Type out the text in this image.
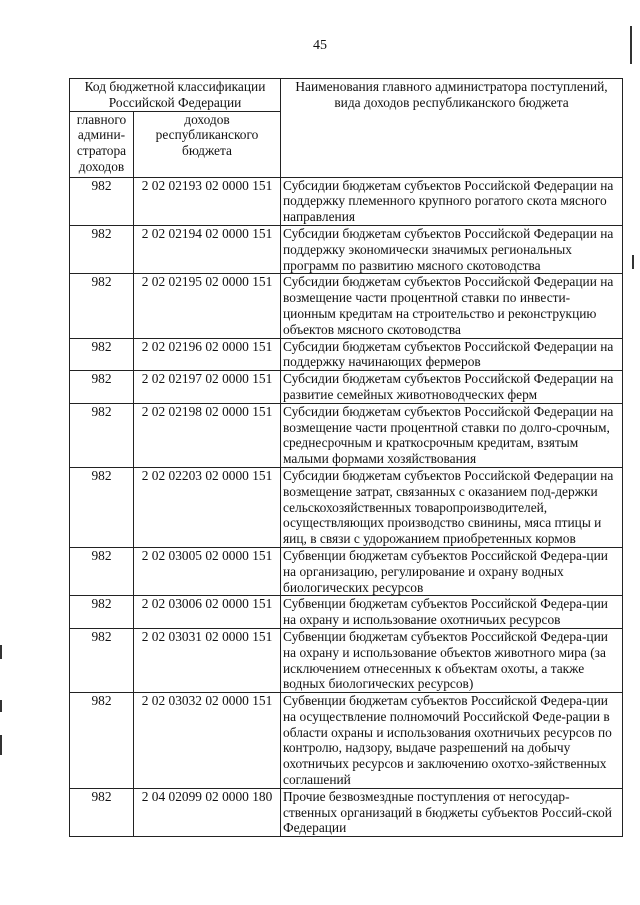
45
Код бюджетной классификации Российской Федерации		Наименования главного администратора поступлений, вида доходов республиканского бюджета
главного админи-стратора доходов	доходов республиканского бюджета	
982	2 02 02193 02 0000 151	Субсидии бюджетам субъектов Российской Федерации на поддержку племенного крупного рогатого скота мясного направления
982	2 02 02194 02 0000 151	Субсидии бюджетам субъектов Российской Федерации на поддержку экономически значимых региональных программ по развитию мясного скотоводства
982	2 02 02195 02 0000 151	Субсидии бюджетам субъектов Российской Федерации на возмещение части процентной ставки по инвести-ционным кредитам на строительство и реконструкцию объектов мясного скотоводства
982	2 02 02196 02 0000 151	Субсидии бюджетам субъектов Российской Федерации на поддержку начинающих фермеров
982	2 02 02197 02 0000 151	Субсидии бюджетам субъектов Российской Федерации на развитие семейных животноводческих ферм
982	2 02 02198 02 0000 151	Субсидии бюджетам субъектов Российской Федерации на возмещение части процентной ставки по долго-срочным, среднесрочным и краткосрочным кредитам, взятым малыми формами хозяйствования
982	2 02 02203 02 0000 151	Субсидии бюджетам субъектов Российской Федерации на возмещение затрат, связанных с оказанием под-держки сельскохозяйственных товаропроизводителей, осуществляющих производство свинины, мяса птицы и яиц, в связи с удорожанием приобретенных кормов
982	2 02 03005 02 0000 151	Субвенции бюджетам субъектов Российской Федера-ции на организацию, регулирование и охрану водных биологических ресурсов
982	2 02 03006 02 0000 151	Субвенции бюджетам субъектов Российской Федера-ции на охрану и использование охотничьих ресурсов
982	2 02 03031 02 0000 151	Субвенции бюджетам субъектов Российской Федера-ции на охрану и использование объектов животного мира (за исключением отнесенных к объектам охоты, а также водных биологических ресурсов)
982	2 02 03032 02 0000 151	Субвенции бюджетам субъектов Российской Федера-ции на осуществление полномочий Российской Феде-рации в области охраны и использования охотничьих ресурсов по контролю, надзору, выдаче разрешений на добычу охотничьих ресурсов и заключению охотхо-зяйственных соглашений
982	2 04 02099 02 0000 180	Прочие безвозмездные поступления от негосудар-ственных организаций в бюджеты субъектов Россий-ской Федерации
